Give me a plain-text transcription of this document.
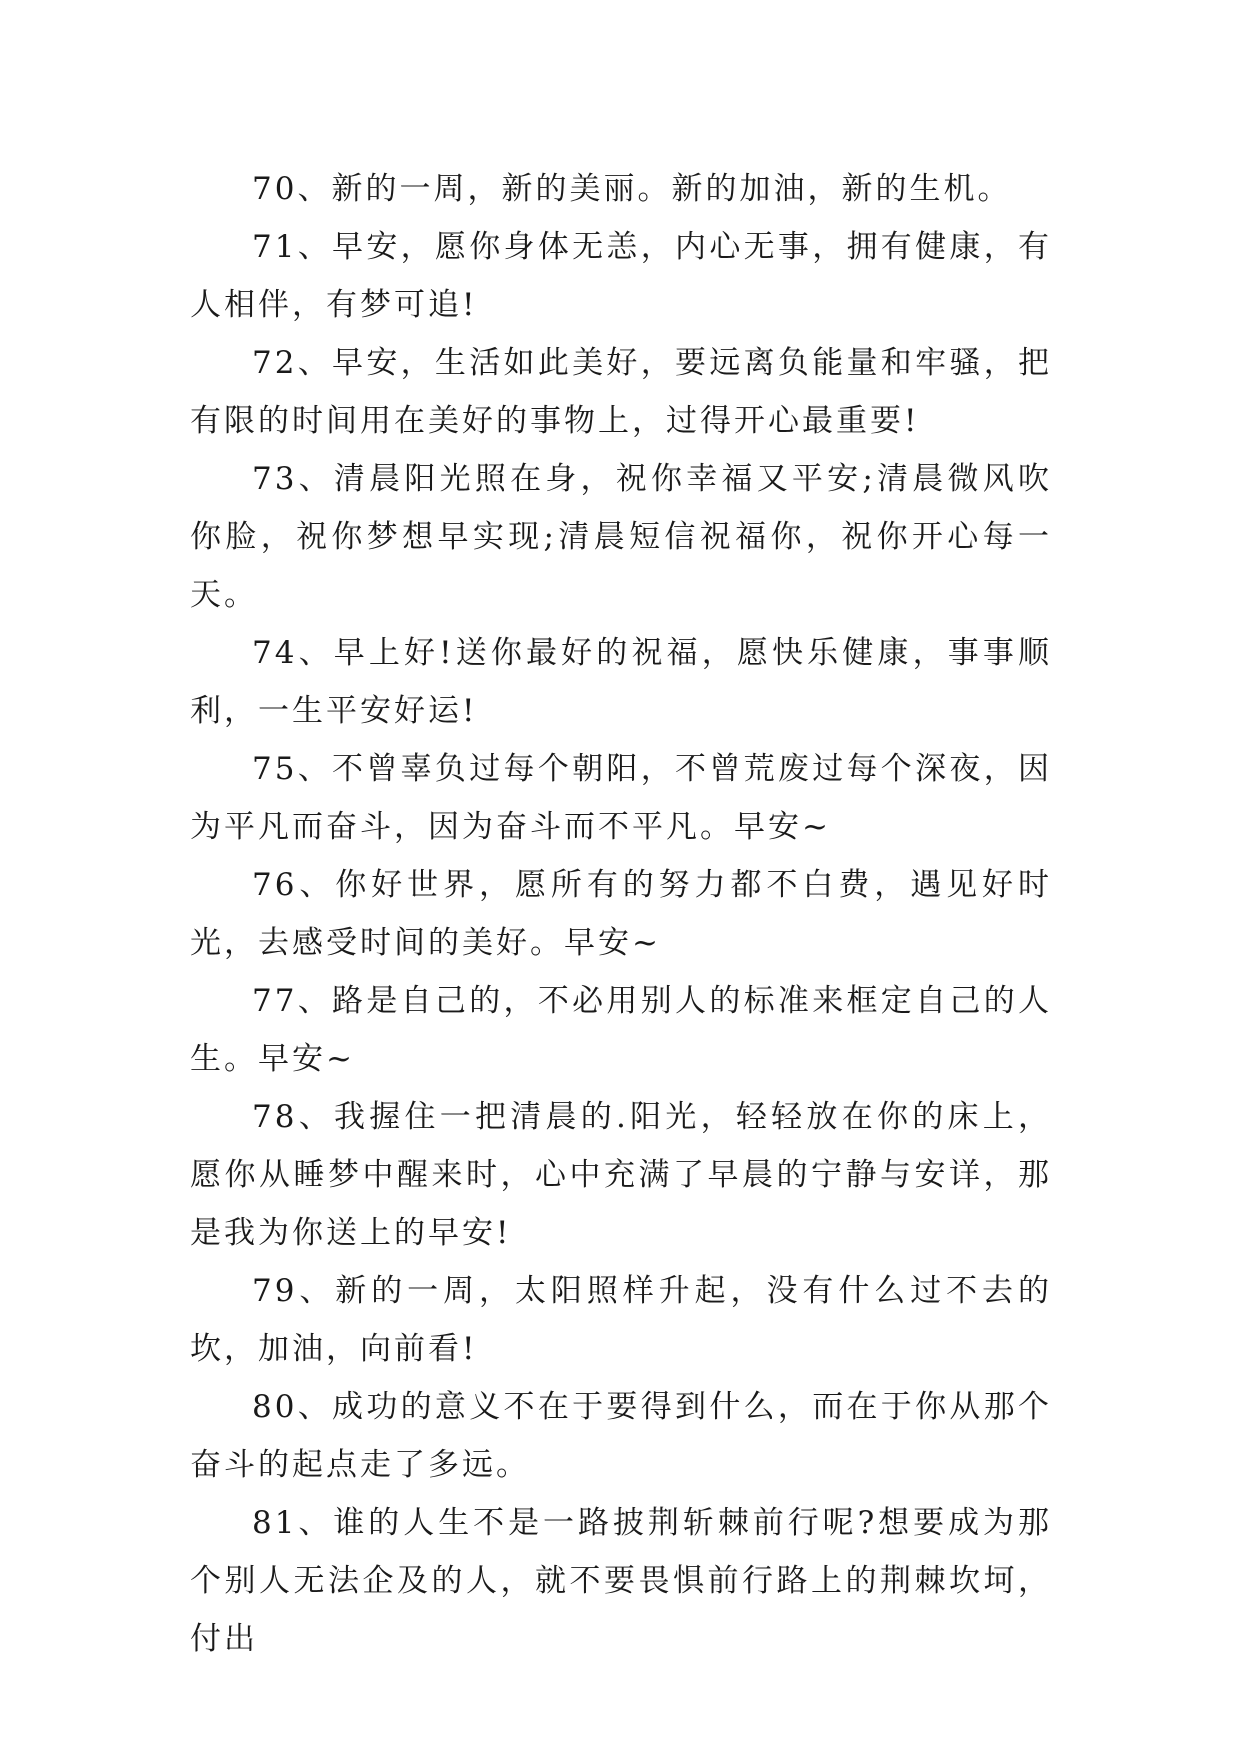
70、新的一周，新的美丽。新的加油，新的生机。

71、早安，愿你身体无恙，内心无事，拥有健康，有人相伴，有梦可追!

72、早安，生活如此美好，要远离负能量和牢骚，把有限的时间用在美好的事物上，过得开心最重要!

73、清晨阳光照在身，祝你幸福又平安;清晨微风吹你脸，祝你梦想早实现;清晨短信祝福你，祝你开心每一天。

74、早上好!送你最好的祝福，愿快乐健康，事事顺利，一生平安好运!

75、不曾辜负过每个朝阳，不曾荒废过每个深夜，因为平凡而奋斗，因为奋斗而不平凡。早安~

76、你好世界，愿所有的努力都不白费，遇见好时光，去感受时间的美好。早安~

77、路是自己的，不必用别人的标准来框定自己的人生。早安~

78、我握住一把清晨的.阳光，轻轻放在你的床上，愿你从睡梦中醒来时，心中充满了早晨的宁静与安详，那是我为你送上的早安!

79、新的一周，太阳照样升起，没有什么过不去的坎，加油，向前看!

80、成功的意义不在于要得到什么，而在于你从那个奋斗的起点走了多远。

81、谁的人生不是一路披荆斩棘前行呢?想要成为那个别人无法企及的人，就不要畏惧前行路上的荆棘坎坷，付出
